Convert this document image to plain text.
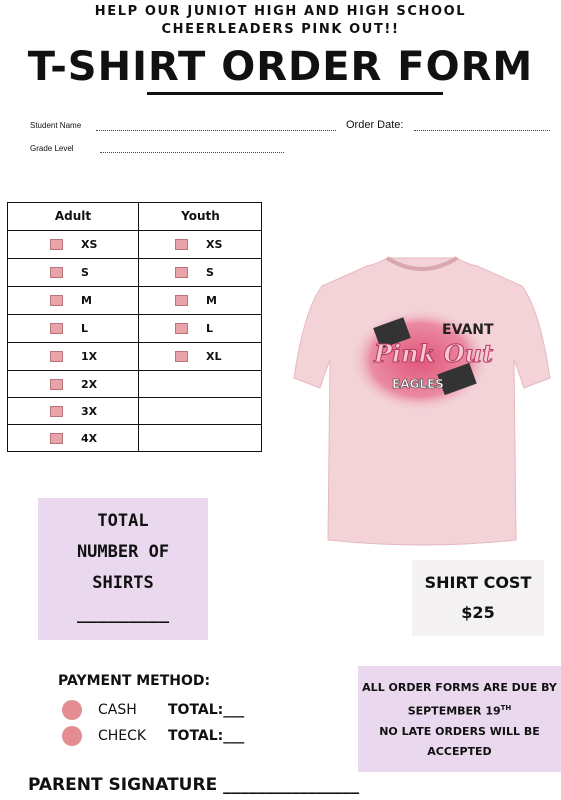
HELP OUR JUNIOT HIGH AND HIGH SCHOOL
CHEERLEADERS PINK OUT!!
T-SHIRT ORDER FORM
Student Name	Order Date:
Grade Level
Adult	Youth
XS	XS
S	S
M	M
L	L
1X	XL
2X
3X
4X
EVANT
Pink Out
EAGLES
TOTAL
NUMBER OF
SHIRTS
_________
SHIRT COST
$25
PAYMENT METHOD:
CASH	TOTAL:___
CHECK	TOTAL:___
ALL ORDER FORMS ARE DUE BY
SEPTEMBER 19TH
NO LATE ORDERS WILL BE
ACCEPTED
PARENT SIGNATURE ________________
